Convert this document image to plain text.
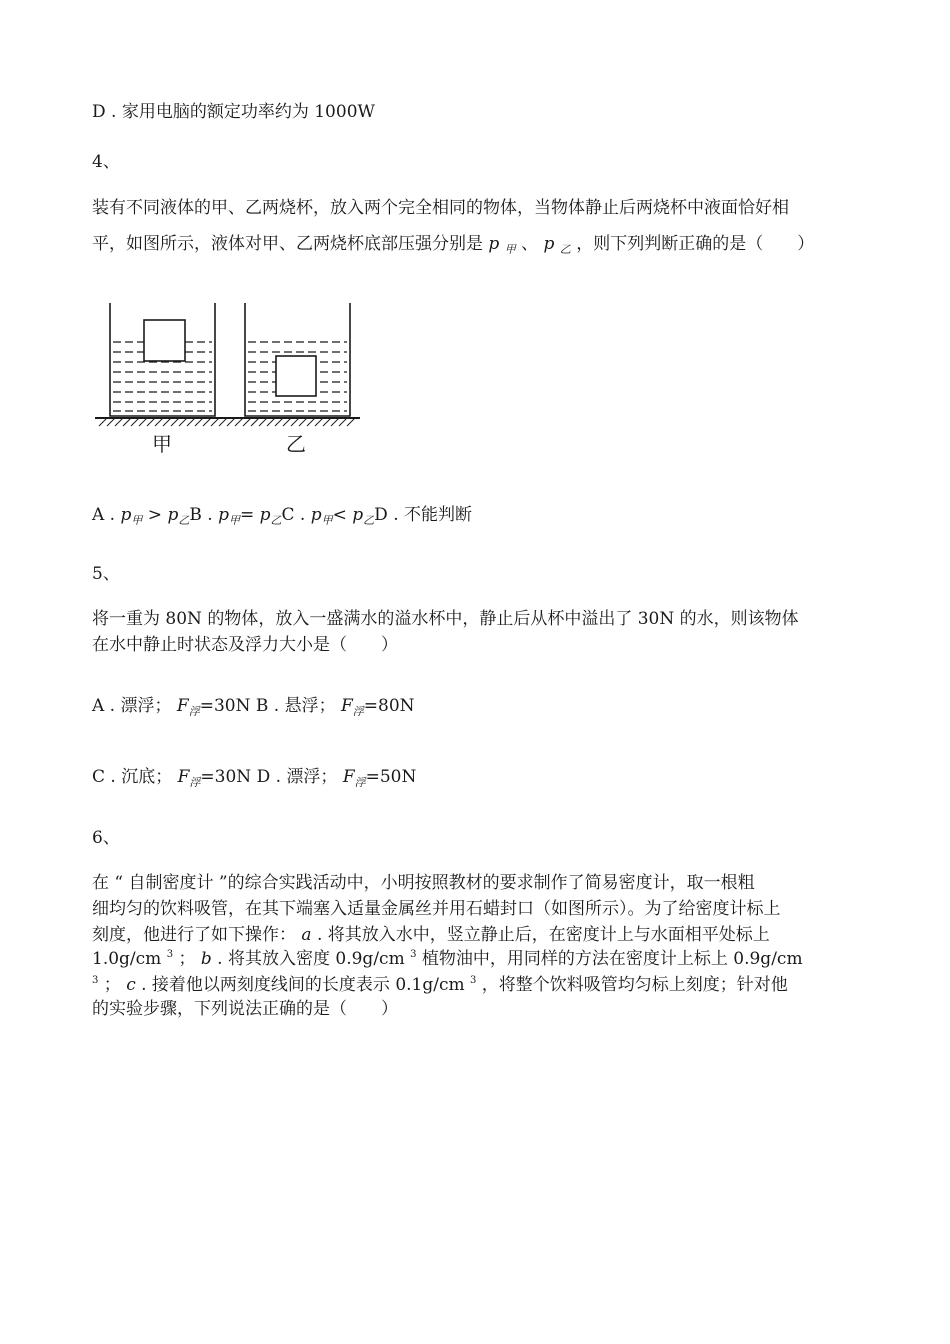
D . 家用电脑的额定功率约为 1000W
4、
装有不同液体的甲、乙两烧杯，放入两个完全相同的物体，当物体静止后两烧杯中液面恰好相
平，如图所示，液体对甲、乙两烧杯底部压强分别是 p $_甲$ 、 p $_乙$ ，则下列判断正确的是（　　）
甲	乙
A . $p_甲 > p_乙B$ . $p_甲= p_乙C$ . $p_甲< p_乙D$ . 不能判断
5、
将一重为 80N 的物体，放入一盛满水的溢水杯中，静止后从杯中溢出了 30N 的水，则该物体
在水中静止时状态及浮力大小是（　　）
A . 漂浮； $F_浮=30N$ B . 悬浮； $F_浮=80N$
C . 沉底； $F_浮=30N$ D . 漂浮； $F_浮=50N$
6、
在 “ 自制密度计 ”的综合实践活动中，小明按照教材的要求制作了简易密度计，取一根粗
细均匀的饮料吸管，在其下端塞入适量金属丝并用石蜡封口（如图所示）。为了给密度计标上
刻度，他进行了如下操作： a . 将其放入水中，竖立静止后，在密度计上与水面相平处标上
1.0g/cm $^3$ ； b . 将其放入密度 0.9g/cm $^3$ 植物油中，用同样的方法在密度计上标上 0.9g/cm
$^3$ ； c . 接着他以两刻度线间的长度表示 0.1g/cm $^3$ ，将整个饮料吸管均匀标上刻度；针对他
的实验步骤，下列说法正确的是（　　）
